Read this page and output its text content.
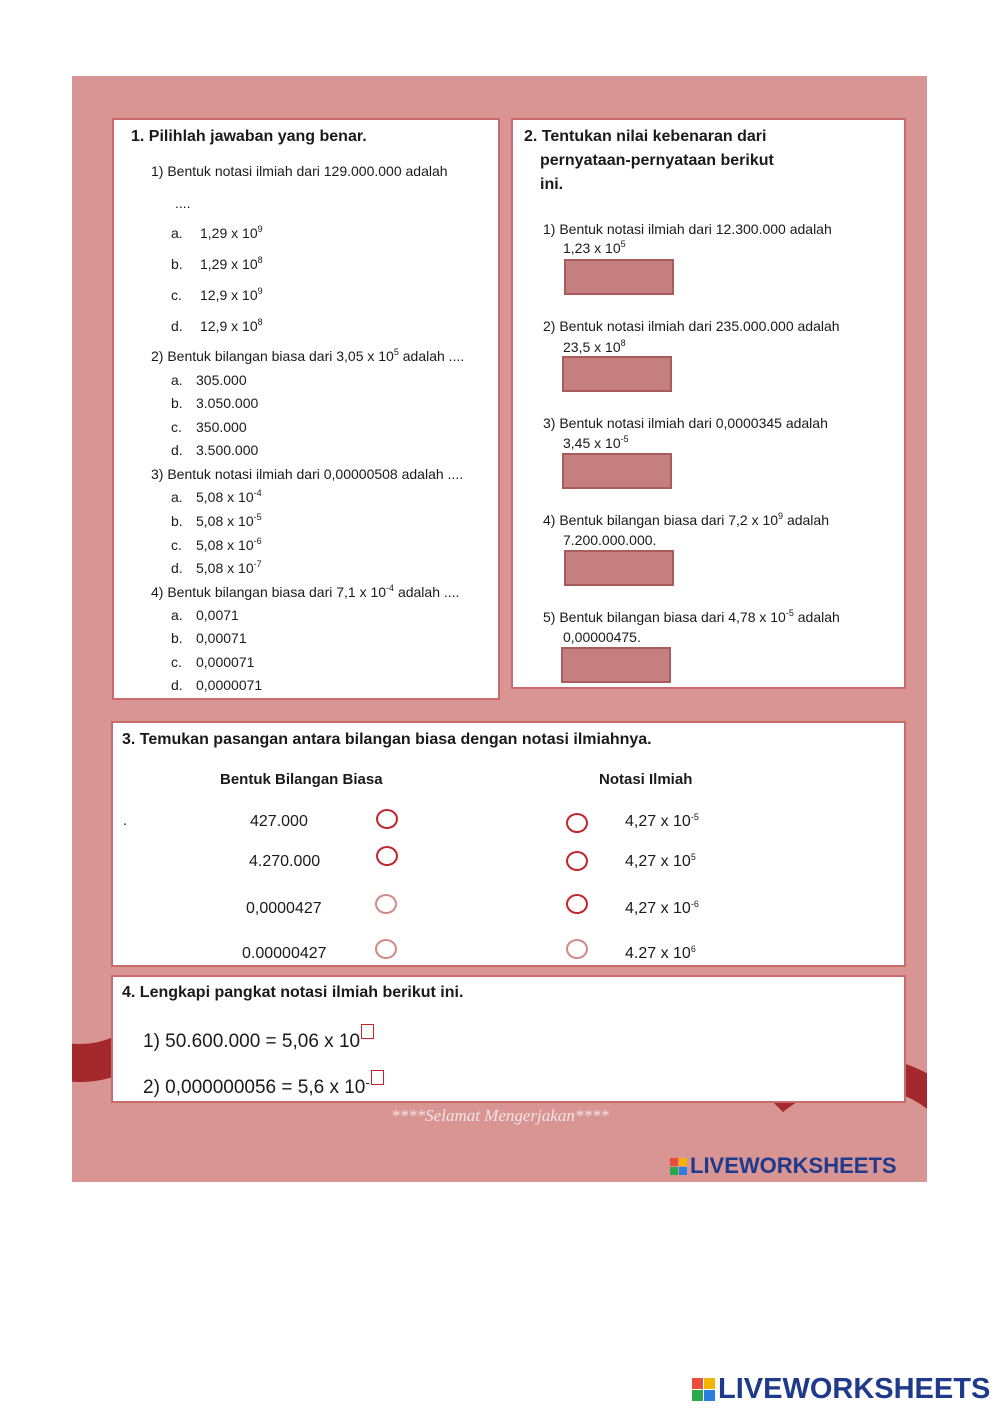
1. Pilihlah jawaban yang benar.
1) Bentuk notasi ilmiah dari 129.000.000 adalah
....
a. 1,29 x $10^9$
b. 1,29 x $10^8$
c. 12,9 x $10^9$
d. 12,9 x $10^8$
2) Bentuk bilangan biasa dari 3,05 x $10^5$ adalah ....
a. 305.000
b. 3.050.000
c. 350.000
d. 3.500.000
3) Bentuk notasi ilmiah dari 0,00000508 adalah ....
a. 5,08 x $10^{-4}$
b. 5,08 x $10^{-5}$
c. 5,08 x $10^{-6}$
d. 5,08 x $10^{-7}$
4) Bentuk bilangan biasa dari 7,1 x $10^{-4}$ adalah ....
a. 0,0071
b. 0,00071
c. 0,000071
d. 0,0000071
2. Tentukan nilai kebenaran dari
pernyataan-pernyataan berikut
ini.
1) Bentuk notasi ilmiah dari 12.300.000 adalah
1,23 x $10^5$
2) Bentuk notasi ilmiah dari 235.000.000 adalah
23,5 x $10^8$
3) Bentuk notasi ilmiah dari 0,0000345 adalah
3,45 x $10^{-5}$
4) Bentuk bilangan biasa dari 7,2 x $10^9$ adalah
7.200.000.000.
5) Bentuk bilangan biasa dari 4,78 x $10^{-5}$ adalah
0,00000475.
3. Temukan pasangan antara bilangan biasa dengan notasi ilmiahnya.
Bentuk Bilangan Biasa	Notasi Ilmiah
.	427.000
4.270.000
0,0000427
0.00000427
4,27 x $10^{-5}$
4,27 x $10^5$
4,27 x $10^{-6}$
4.27 x $10^6$
4. Lengkapi pangkat notasi ilmiah berikut ini.
1) 50.600.000 = 5,06 x 10
2) 0,000000056 = 5,6 x 10-
****Selamat Mengerjakan****
LIVEWORKSHEETS
LIVEWORKSHEETS
